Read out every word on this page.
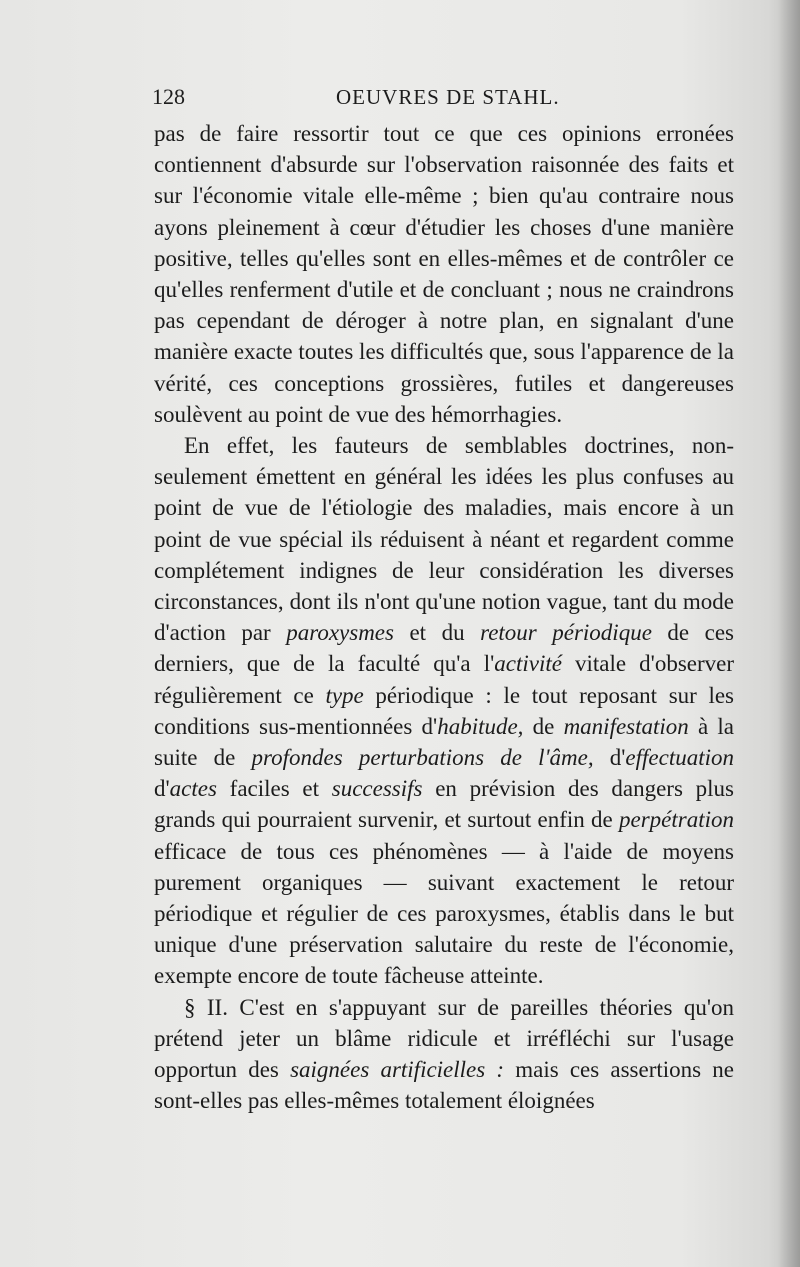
128	OEUVRES DE STAHL.

pas de faire ressortir tout ce que ces opinions erronées contiennent d'absurde sur l'observation raisonnée des faits et sur l'économie vitale elle-même ; bien qu'au contraire nous ayons pleinement à cœur d'étudier les choses d'une manière positive, telles qu'elles sont en elles-mêmes et de contrôler ce qu'elles renferment d'utile et de concluant ; nous ne craindrons pas cependant de déroger à notre plan, en signalant d'une manière exacte toutes les difficultés que, sous l'apparence de la vérité, ces conceptions grossières, futiles et dangereuses soulèvent au point de vue des hémorrhagies.

En effet, les fauteurs de semblables doctrines, nonseulement émettent en général les idées les plus confuses au point de vue de l'étiologie des maladies, mais encore à un point de vue spécial ils réduisent à néant et regardent comme complétement indignes de leur considération les diverses circonstances, dont ils n'ont qu'une notion vague, tant du mode d'action par paroxysmes et du retour périodique de ces derniers, que de la faculté qu'a l'activité vitale d'observer régulièrement ce type périodique : le tout reposant sur les conditions sus-mentionnées d'habitude, de manifestation à la suite de profondes perturbations de l'âme, d'effectuation d'actes faciles et successifs en prévision des dangers plus grands qui pourraient survenir, et surtout enfin de perpétration efficace de tous ces phénomènes — à l'aide de moyens purement organiques — suivant exactement le retour périodique et régulier de ces paroxysmes, établis dans le but unique d'une préservation salutaire du reste de l'économie, exempte encore de toute fâcheuse atteinte.

§ II. C'est en s'appuyant sur de pareilles théories qu'on prétend jeter un blâme ridicule et irréfléchi sur l'usage opportun des saignées artificielles : mais ces assertions ne sont-elles pas elles-mêmes totalement éloignées
